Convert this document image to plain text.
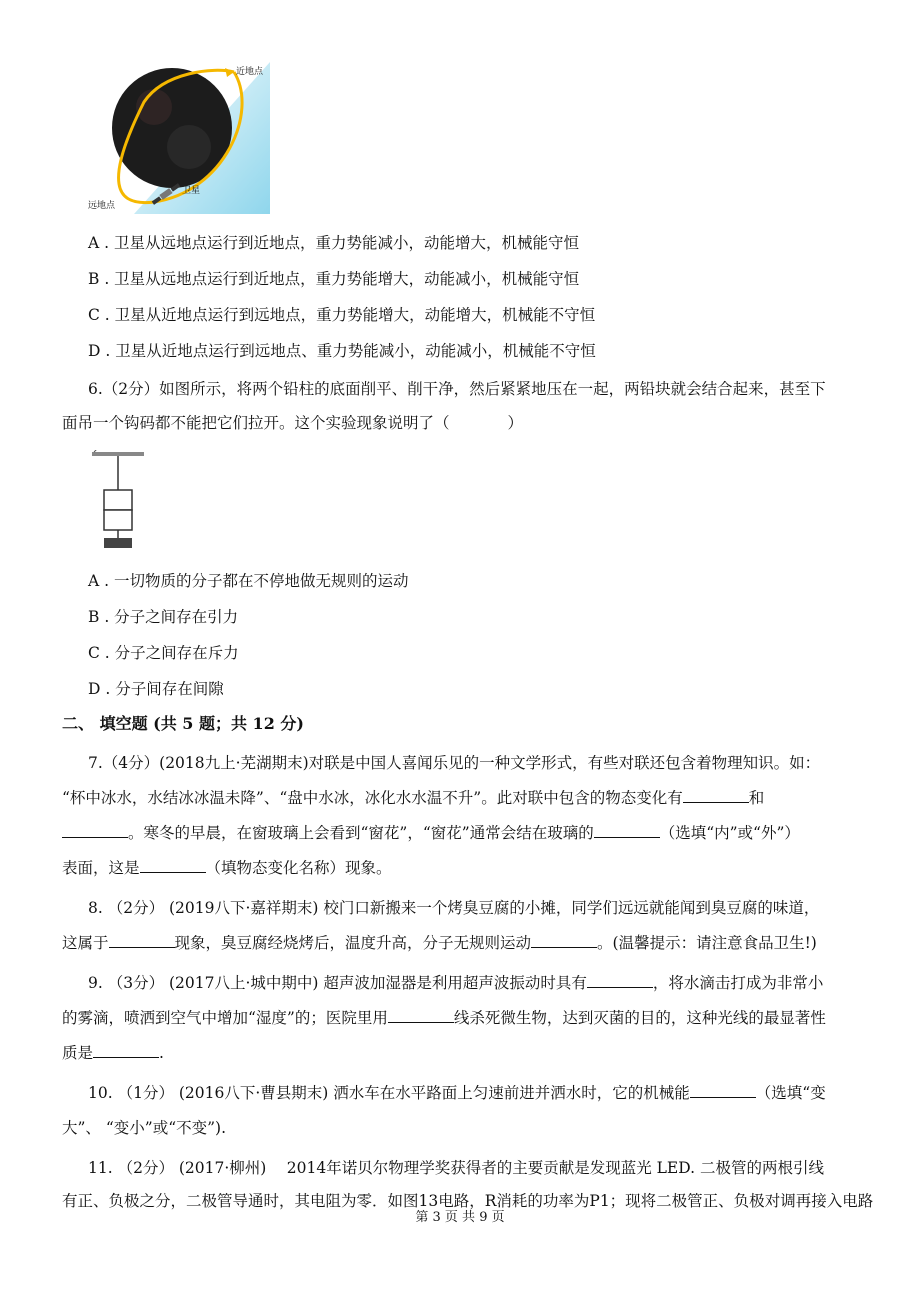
近地点
远地点
卫星
A . 卫星从远地点运行到近地点，重力势能减小，动能增大，机械能守恒
B . 卫星从远地点运行到近地点，重力势能增大，动能减小，机械能守恒
C . 卫星从近地点运行到远地点，重力势能增大，动能增大，机械能不守恒
D . 卫星从近地点运行到远地点、重力势能减小，动能减小，机械能不守恒
6.（2分）如图所示，将两个铅柱的底面削平、削干净，然后紧紧地压在一起，两铅块就会结合起来，甚至下
面吊一个钩码都不能把它们拉开。这个实验现象说明了（	）
A . 一切物质的分子都在不停地做无规则的运动
B . 分子之间存在引力
C . 分子之间存在斥力
D . 分子间存在间隙
二、 填空题 (共 5 题；共 12 分)
7.（4分）(2018九上·芜湖期末)对联是中国人喜闻乐见的一种文学形式，有些对联还包含着物理知识。如：
“杯中冰水，水结冰冰温未降”、“盘中水冰，冰化水水温不升”。此对联中包含的物态变化有	和
。寒冬的早晨，在窗玻璃上会看到“窗花”，“窗花”通常会结在玻璃的	（选填“内”或“外”）
表面，这是	（填物态变化名称）现象。
8. （2分） (2019八下·嘉祥期末) 校门口新搬来一个烤臭豆腐的小摊，同学们远远就能闻到臭豆腐的味道，
这属于	现象，臭豆腐经烧烤后，温度升高，分子无规则运动	。(温馨提示：请注意食品卫生!)
9. （3分） (2017八上·城中期中) 超声波加湿器是利用超声波振动时具有	，将水滴击打成为非常小
的雾滴，喷洒到空气中增加“湿度”的；医院里用	线杀死微生物，达到灭菌的目的，这种光线的最显著性
质是	.
10. （1分） (2016八下·曹县期末) 洒水车在水平路面上匀速前进并洒水时，它的机械能	（选填“变
大”、 “变小”或“不变”).
11. （2分） (2017·柳州)　 2014年诺贝尔物理学奖获得者的主要贡献是发现蓝光 LED. 二极管的两根引线
有正、负极之分，二极管导通时，其电阻为零．如图13电路，R消耗的功率为P1；现将二极管正、负极对调再接入电路
第 3 页 共 9 页
